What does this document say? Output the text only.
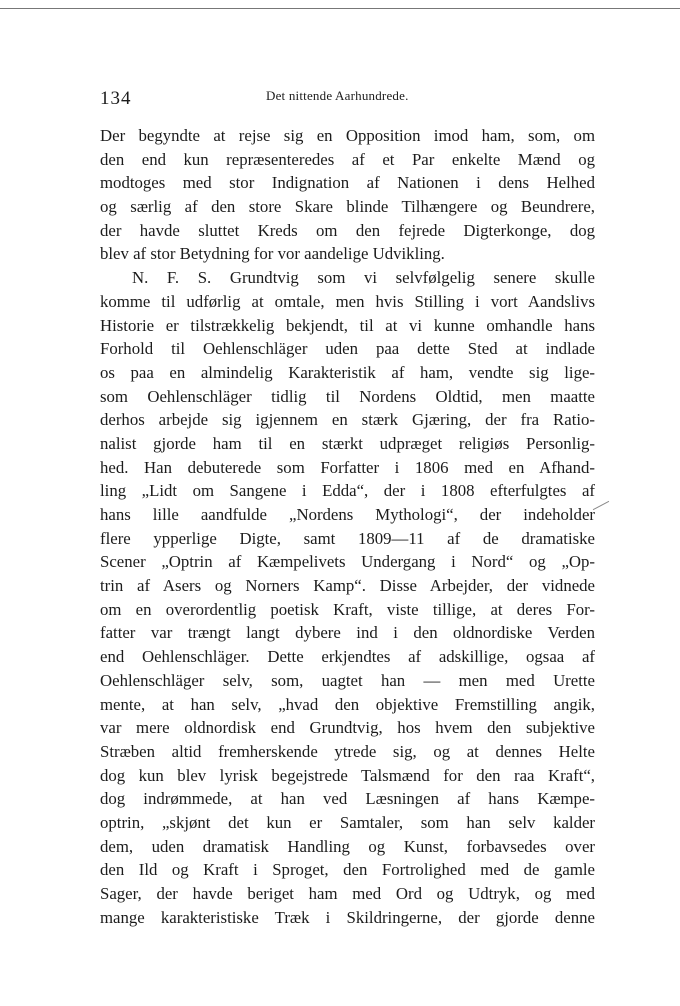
134	Det nittende Aarhundrede.
Der begyndte at rejse sig en Opposition imod ham, som, om
den end kun repræsenteredes af et Par enkelte Mænd og
modtoges med stor Indignation af Nationen i dens Helhed
og særlig af den store Skare blinde Tilhængere og Beundrere,
der havde sluttet Kreds om den fejrede Digterkonge, dog
blev af stor Betydning for vor aandelige Udvikling.
N. F. S. Grundtvig som vi selvfølgelig senere skulle
komme til udførlig at omtale, men hvis Stilling i vort Aandslivs
Historie er tilstrækkelig bekjendt, til at vi kunne omhandle hans
Forhold til Oehlenschläger uden paa dette Sted at indlade
os paa en almindelig Karakteristik af ham, vendte sig lige-
som Oehlenschläger tidlig til Nordens Oldtid, men maatte
derhos arbejde sig igjennem en stærk Gjæring, der fra Ratio-
nalist gjorde ham til en stærkt udpræget religiøs Personlig-
hed. Han debuterede som Forfatter i 1806 med en Afhand-
ling „Lidt om Sangene i Edda“, der i 1808 efterfulgtes af
hans lille aandfulde „Nordens Mythologi“, der indeholder
flere ypperlige Digte, samt 1809—11 af de dramatiske
Scener „Optrin af Kæmpelivets Undergang i Nord“ og „Op-
trin af Asers og Norners Kamp“. Disse Arbejder, der vidnede
om en overordentlig poetisk Kraft, viste tillige, at deres For-
fatter var trængt langt dybere ind i den oldnordiske Verden
end Oehlenschläger. Dette erkjendtes af adskillige, ogsaa af
Oehlenschläger selv, som, uagtet han — men med Urette
mente, at han selv, „hvad den objektive Fremstilling angik,
var mere oldnordisk end Grundtvig, hos hvem den subjektive
Stræben altid fremherskende ytrede sig, og at dennes Helte
dog kun blev lyrisk begejstrede Talsmænd for den raa Kraft“,
dog indrømmede, at han ved Læsningen af hans Kæmpe-
optrin, „skjønt det kun er Samtaler, som han selv kalder
dem, uden dramatisk Handling og Kunst, forbavsedes over
den Ild og Kraft i Sproget, den Fortrolighed med de gamle
Sager, der havde beriget ham med Ord og Udtryk, og med
mange karakteristiske Træk i Skildringerne, der gjorde denne
